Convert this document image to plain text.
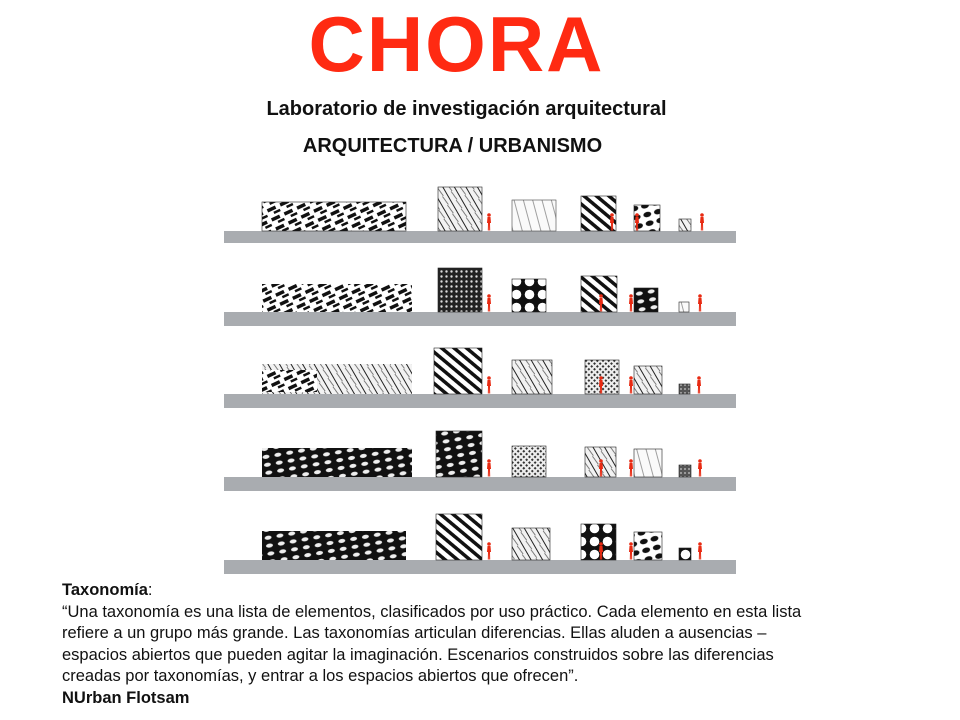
CHORA
Laboratorio de investigación arquitectural
ARQUITECTURA / URBANISMO

Taxonomía:

“Una taxonomía es una lista de elementos, clasificados por uso práctico. Cada elemento en esta lista

refiere a un grupo más grande. Las taxonomías articulan diferencias. Ellas aluden a ausencias –

espacios abiertos que pueden agitar la imaginación. Escenarios construidos sobre las diferencias

creadas por taxonomías, y entrar a los espacios abiertos que ofrecen”.

NUrban Flotsam
